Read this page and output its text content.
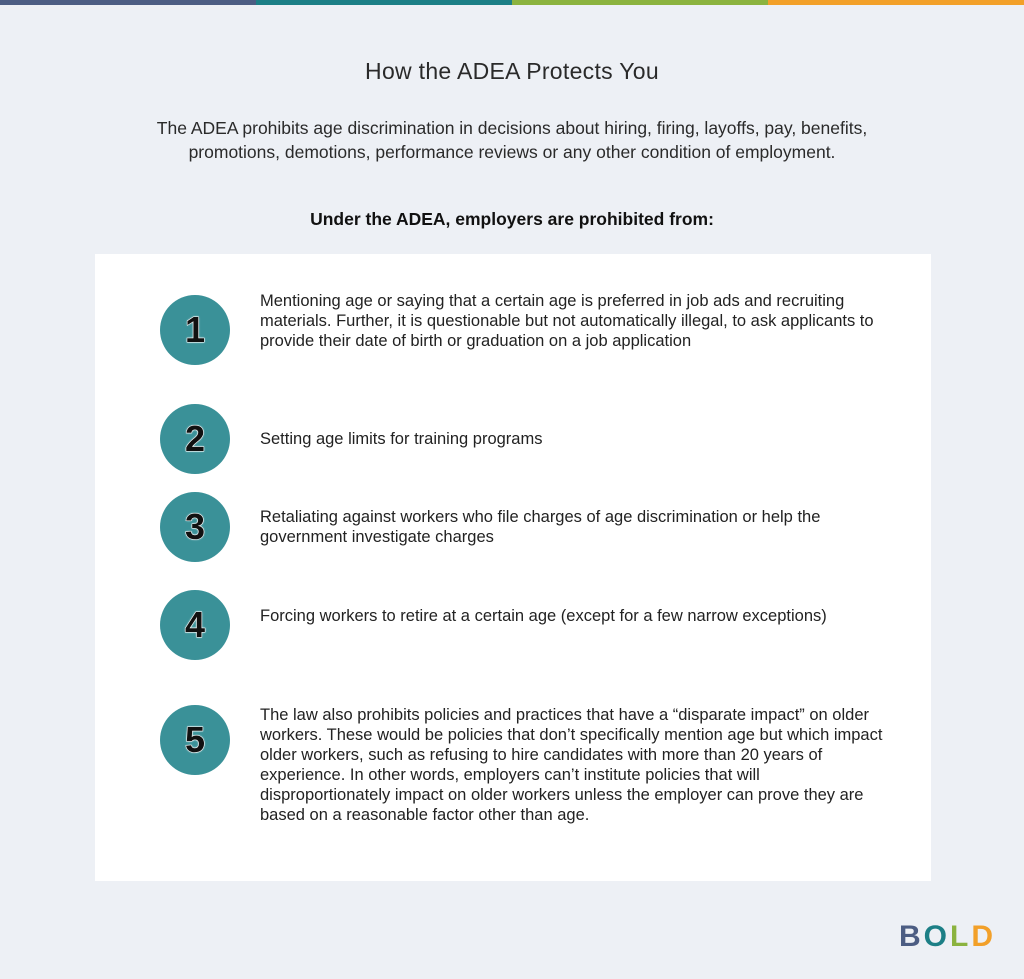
How the ADEA Protects You
The ADEA prohibits age discrimination in decisions about hiring, firing, layoffs, pay, benefits, promotions, demotions, performance reviews or any other condition of employment.
Under the ADEA, employers are prohibited from:
1
Mentioning age or saying that a certain age is preferred in job ads and recruiting materials. Further, it is questionable but not automatically illegal, to ask applicants to provide their date of birth or graduation on a job application
2	Setting age limits for training programs
3	Retaliating against workers who file charges of age discrimination or help the government investigate charges
4	Forcing workers to retire at a certain age (except for a few narrow exceptions)
5
The law also prohibits policies and practices that have a “disparate impact” on older workers. These would be policies that don’t specifically mention age but which impact older workers, such as refusing to hire candidates with more than 20 years of experience. In other words, employers can’t institute policies that will disproportionately impact on older workers unless the employer can prove they are based on a reasonable factor other than age.
B O L D
